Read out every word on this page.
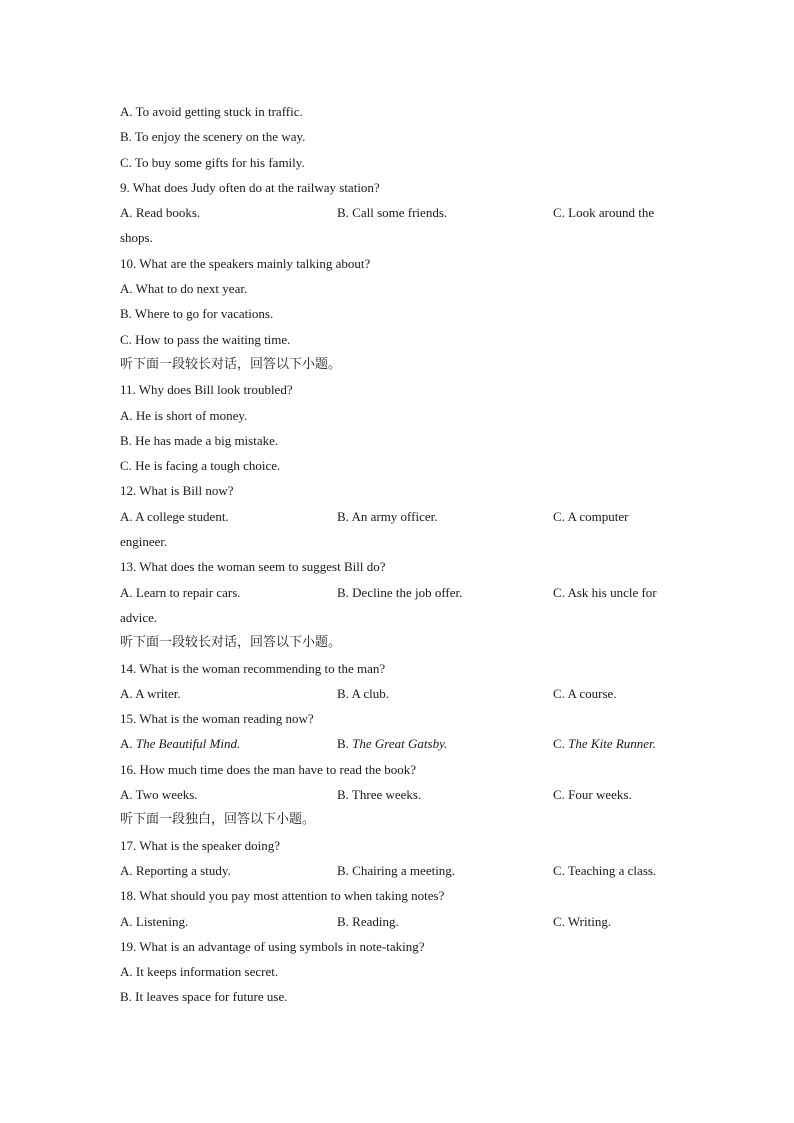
A. To avoid getting stuck in traffic.
B. To enjoy the scenery on the way.
C. To buy some gifts for his family.
9. What does Judy often do at the railway station?
A. Read books.	B. Call some friends.	C. Look around the
shops.
10. What are the speakers mainly talking about?
A. What to do next year.
B. Where to go for vacations.
C. How to pass the waiting time.
听下面一段较长对话，回答以下小题。
11. Why does Bill look troubled?
A. He is short of money.
B. He has made a big mistake.
C. He is facing a tough choice.
12. What is Bill now?
A. A college student.	B. An army officer.	C. A computer
engineer.
13. What does the woman seem to suggest Bill do?
A. Learn to repair cars.	B. Decline the job offer.	C. Ask his uncle for
advice.
听下面一段较长对话，回答以下小题。
14. What is the woman recommending to the man?
A. A writer.	B. A club.	C. A course.
15. What is the woman reading now?
A. The Beautiful Mind.	B. The Great Gatsby.	C. The Kite Runner.
16. How much time does the man have to read the book?
A. Two weeks.	B. Three weeks.	C. Four weeks.
听下面一段独白，回答以下小题。
17. What is the speaker doing?
A. Reporting a study.	B. Chairing a meeting.	C. Teaching a class.
18. What should you pay most attention to when taking notes?
A. Listening.	B. Reading.	C. Writing.
19. What is an advantage of using symbols in note-taking?
A. It keeps information secret.
B. It leaves space for future use.
